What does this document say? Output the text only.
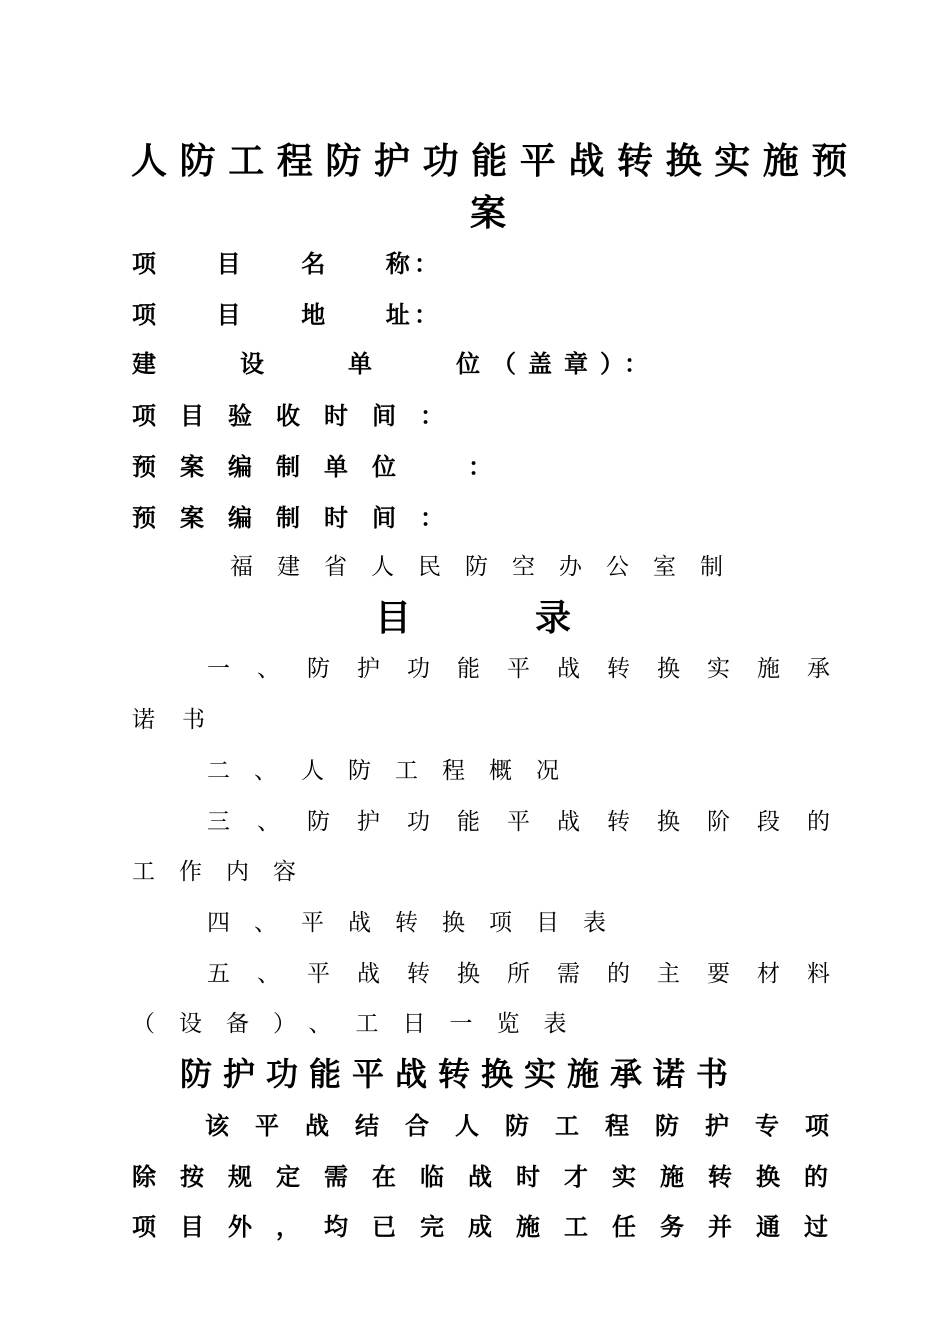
人防工程防护功能平战转换实施预
案
项　　目　　名　　称：
项　　目　　地　　址：
建　　设　　单　　位（盖章）：
项目验收时间：
预案编制单位　：
预案编制时间：
福建省人民防空办公室制
目　　　录
一、防护功能平战转换实施承
诺书
二、人防工程概况
三、防护功能平战转换阶段的
工作内容
四、平战转换项目表
五、平战转换所需的主要材料
（设备）、工日一览表
防护功能平战转换实施承诺书
该平战结合人防工程防护专项
除按规定需在临战时才实施转换的
项目外，均已完成施工任务并通过
